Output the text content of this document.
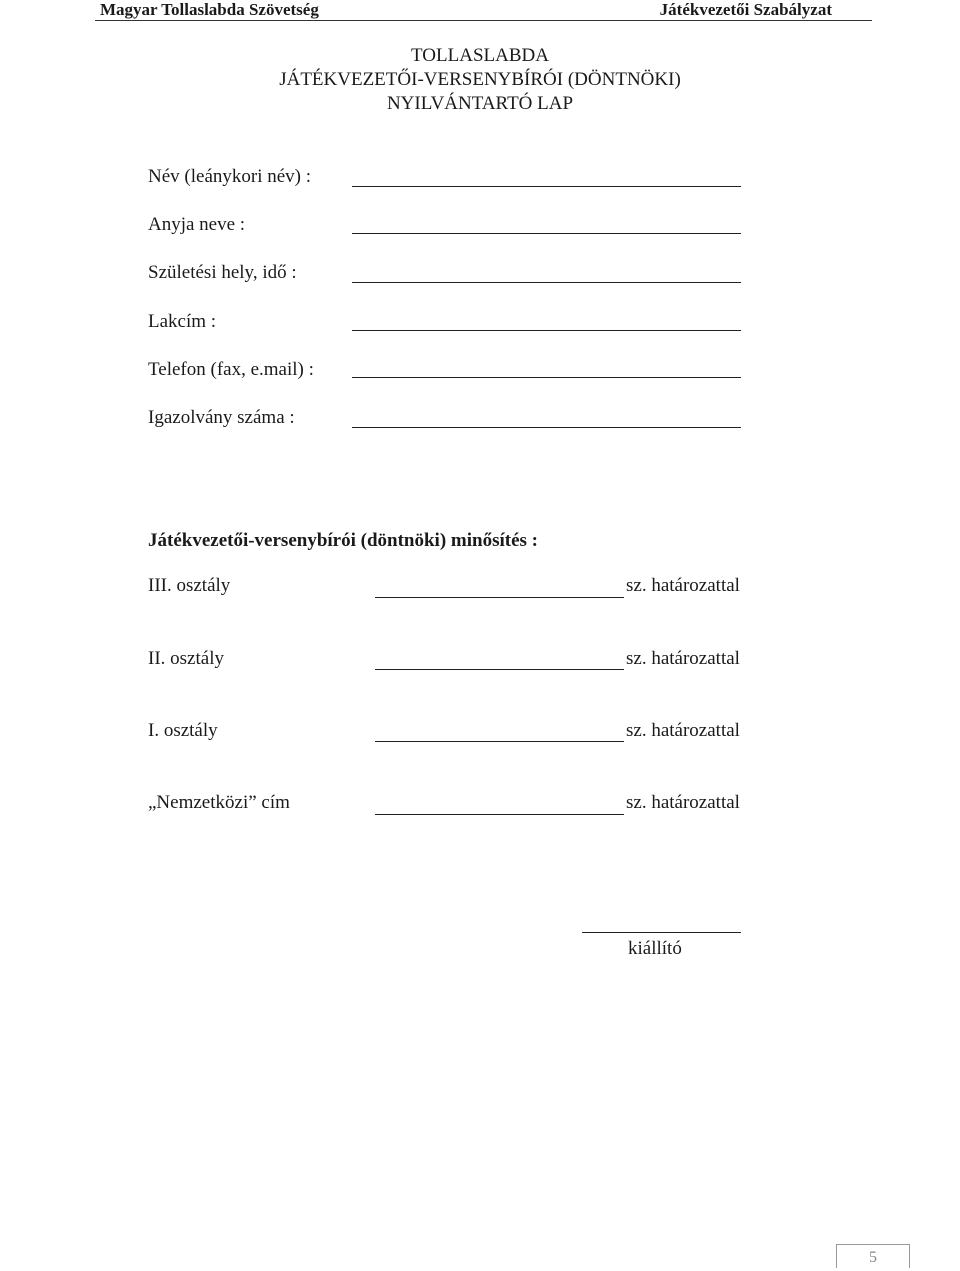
Magyar Tollaslabda Szövetség	Játékvezetői Szabályzat
TOLLASLABDA
JÁTÉKVEZETŐI-VERSENYBÍRÓI (DÖNTNÖKI)
NYILVÁNTARTÓ LAP
Név (leánykori név) :
Anyja neve :
Születési hely, idő :
Lakcím :
Telefon (fax, e.mail) :
Igazolvány száma :
Játékvezetői-versenybírói (döntnöki) minősítés :
III. osztály	sz. határozattal
II. osztály	sz. határozattal
I. osztály	sz. határozattal
„Nemzetközi” cím	sz. határozattal
kiállító
5
